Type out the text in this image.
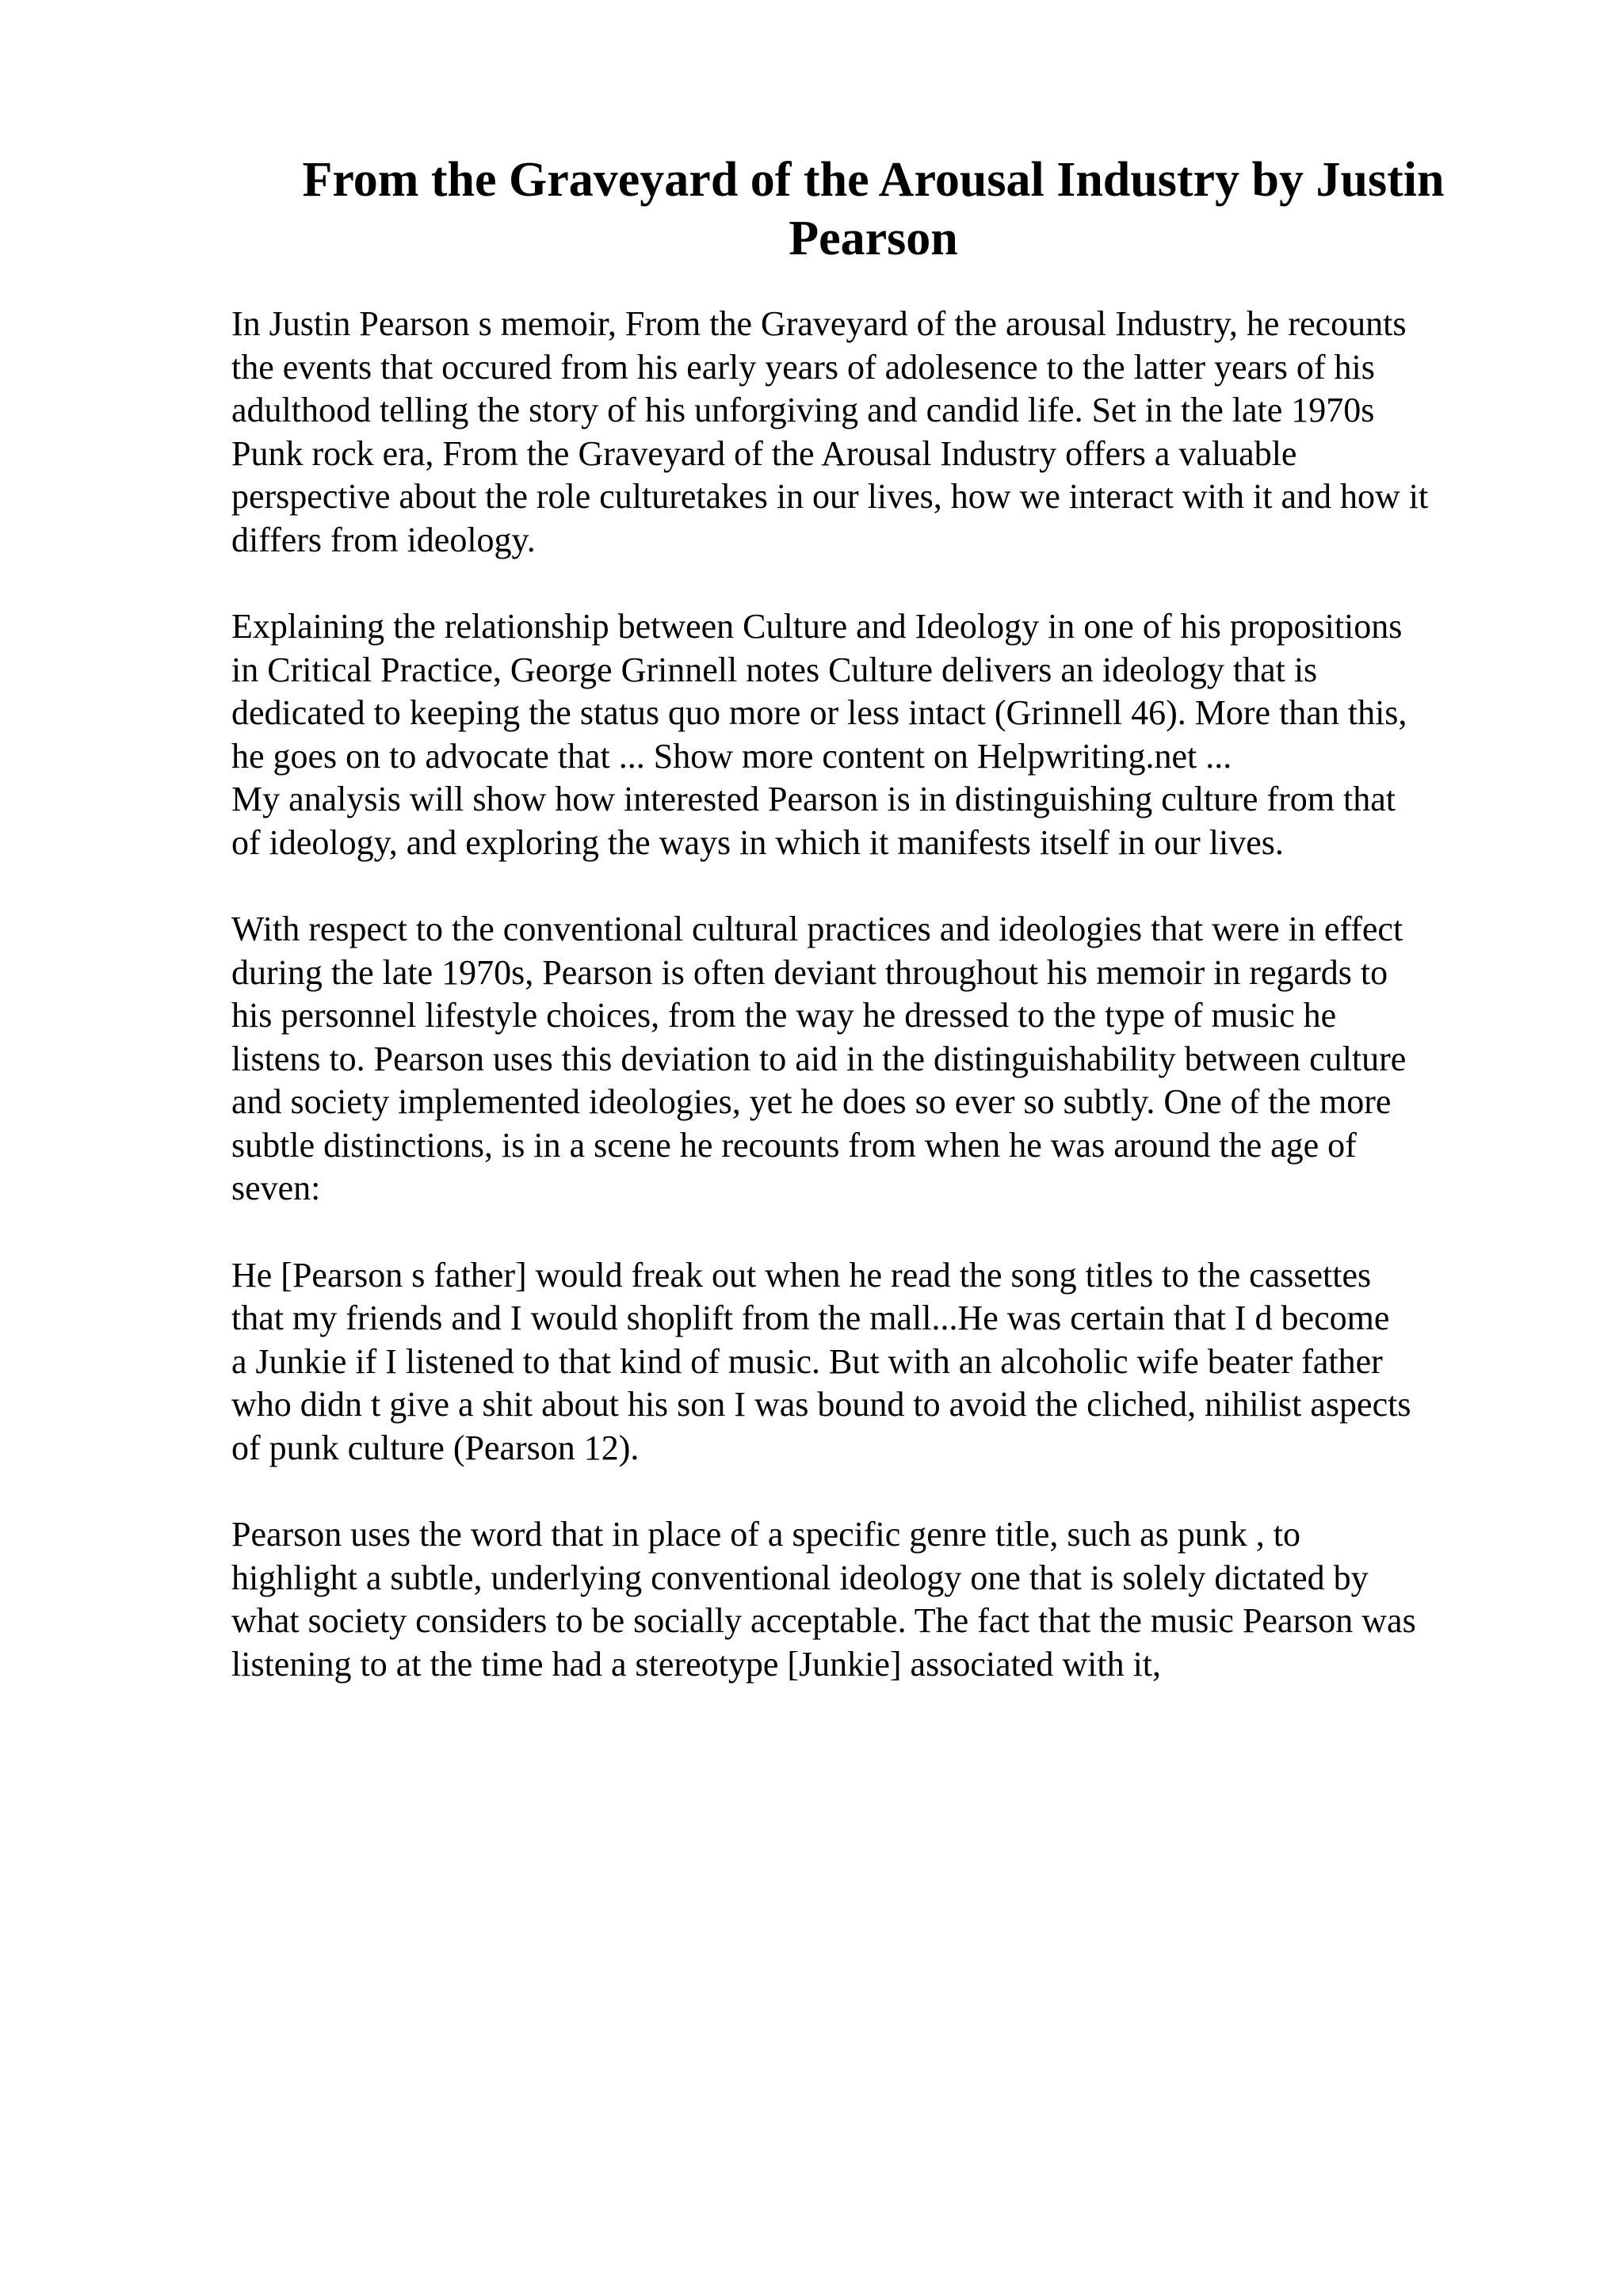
From the Graveyard of the Arousal Industry by Justin
Pearson

In Justin Pearson s memoir, From the Graveyard of the arousal Industry, he recounts
the events that occured from his early years of adolesence to the latter years of his
adulthood telling the story of his unforgiving and candid life. Set in the late 1970s
Punk rock era, From the Graveyard of the Arousal Industry offers a valuable
perspective about the role culturetakes in our lives, how we interact with it and how it
differs from ideology.

Explaining the relationship between Culture and Ideology in one of his propositions
in Critical Practice, George Grinnell notes Culture delivers an ideology that is
dedicated to keeping the status quo more or less intact (Grinnell 46). More than this,
he goes on to advocate that ... Show more content on Helpwriting.net ...

My analysis will show how interested Pearson is in distinguishing culture from that
of ideology, and exploring the ways in which it manifests itself in our lives.

With respect to the conventional cultural practices and ideologies that were in effect
during the late 1970s, Pearson is often deviant throughout his memoir in regards to
his personnel lifestyle choices, from the way he dressed to the type of music he
listens to. Pearson uses this deviation to aid in the distinguishability between culture
and society implemented ideologies, yet he does so ever so subtly. One of the more
subtle distinctions, is in a scene he recounts from when he was around the age of
seven:

He [Pearson s father] would freak out when he read the song titles to the cassettes
that my friends and I would shoplift from the mall...He was certain that I d become
a Junkie if I listened to that kind of music. But with an alcoholic wife beater father
who didn t give a shit about his son I was bound to avoid the cliched, nihilist aspects
of punk culture (Pearson 12).

Pearson uses the word that in place of a specific genre title, such as punk , to
highlight a subtle, underlying conventional ideology one that is solely dictated by
what society considers to be socially acceptable. The fact that the music Pearson was
listening to at the time had a stereotype [Junkie] associated with it,
